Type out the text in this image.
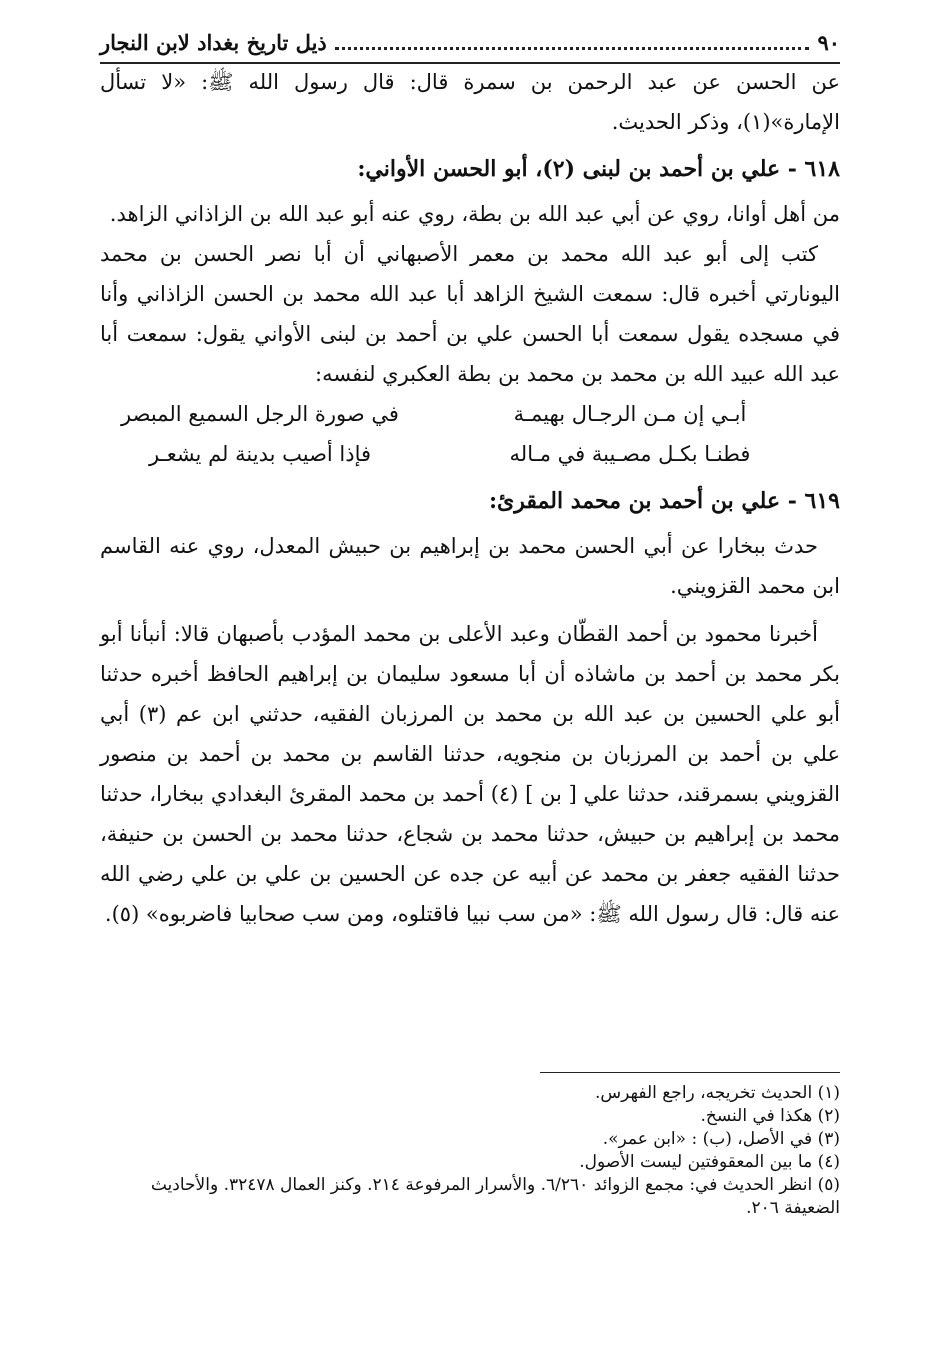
٩٠
ذيل تاريخ بغداد لابن النجار

عن الحسن عن عبد الرحمن بن سمرة قال: قال رسول الله ﷺ: «لا تسأل الإمارة»(١)، وذكر الحديث.

٦١٨ - علي بن أحمد بن لبنى (٢)، أبو الحسن الأواني:

من أهل أوانا، روي عن أبي عبد الله بن بطة، روي عنه أبو عبد الله بن الزاذاني الزاهد.

كتب إلى أبو عبد الله محمد بن معمر الأصبهاني أن أبا نصر الحسن بن محمد اليونارتي أخبره قال: سمعت الشيخ الزاهد أبا عبد الله محمد بن الحسن الزاذاني وأنا في مسجده يقول سمعت أبا الحسن علي بن أحمد بن لبنى الأواني يقول: سمعت أبا عبد الله عبيد الله بن محمد بن محمد بن بطة العكبري لنفسه:

أبـي إن مـن الرجـال بهيمـة
في صورة الرجل السميع المبصر
فطنـا بكـل مصـيبة في مـاله
فإذا أصيب بدينة لم يشعـر
٦١٩ - علي بن أحمد بن محمد المقرئ:

حدث ببخارا عن أبي الحسن محمد بن إبراهيم بن حبيش المعدل، روي عنه القاسم ابن محمد القزويني.

أخبرنا محمود بن أحمد القطّان وعبد الأعلى بن محمد المؤدب بأصبهان قالا: أنبأنا أبو بكر محمد بن أحمد بن ماشاذه أن أبا مسعود سليمان بن إبراهيم الحافظ أخبره حدثنا أبو علي الحسين بن عبد الله بن محمد بن المرزبان الفقيه، حدثني ابن عم (٣) أبي علي بن أحمد بن المرزبان بن منجويه، حدثنا القاسم بن محمد بن أحمد بن منصور القزويني بسمرقند، حدثنا علي [ بن ] (٤) أحمد بن محمد المقرئ البغدادي ببخارا، حدثنا محمد بن إبراهيم بن حبيش، حدثنا محمد بن شجاع، حدثنا محمد بن الحسن بن حنيفة، حدثنا الفقيه جعفر بن محمد عن أبيه عن جده عن الحسين بن علي بن علي رضي الله عنه قال: قال رسول الله ﷺ: «من سب نبيا فاقتلوه، ومن سب صحابيا فاضربوه» (٥).

(١) الحديث تخريجه، راجع الفهرس.
(٢) هكذا في النسخ.
(٣) في الأصل، (ب) : «ابن عمر».
(٤) ما بين المعقوفتين ليست الأصول.
(٥) انظر الحديث في: مجمع الزوائد ٦/٢٦٠. والأسرار المرفوعة ٢١٤. وكنز العمال ٣٢٤٧٨. والأحاديث الضعيفة ٢٠٦.
